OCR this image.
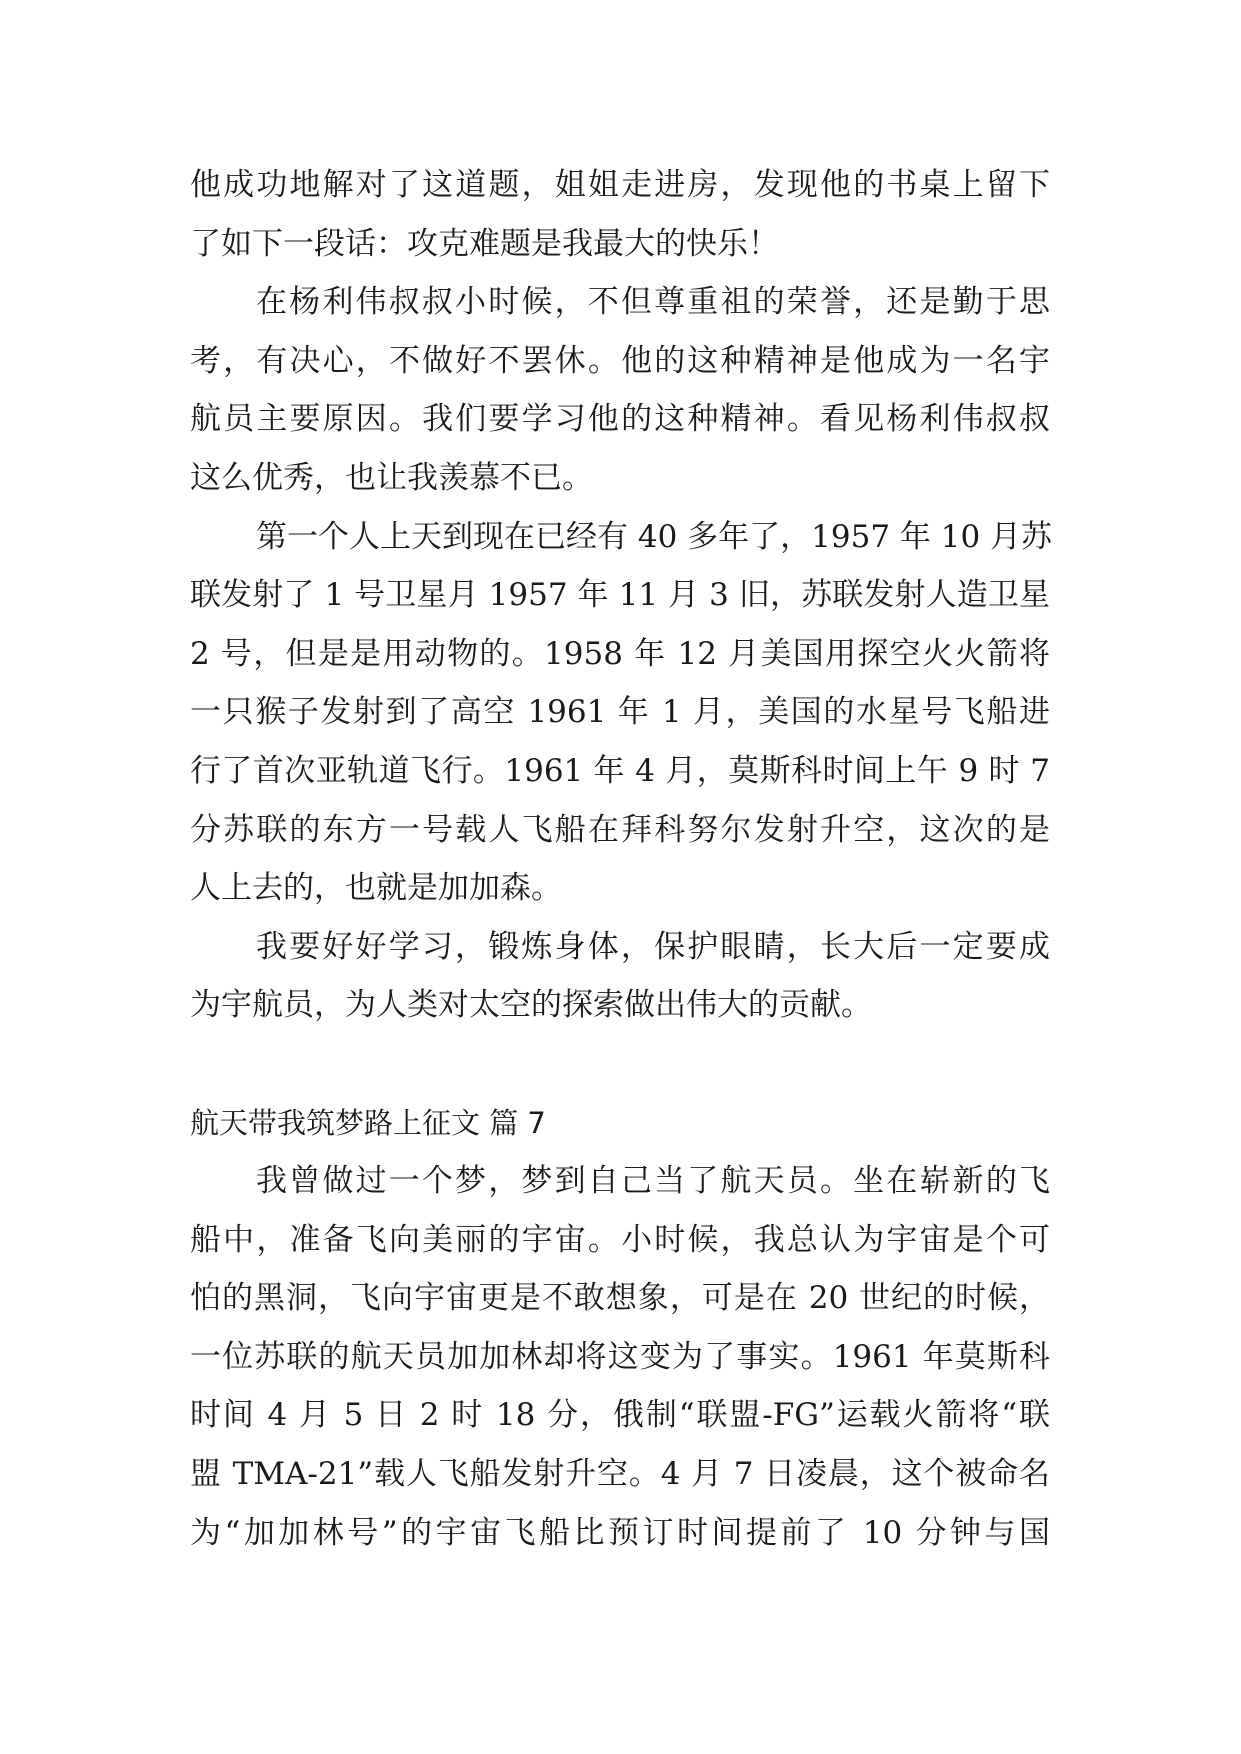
他成功地解对了这道题，姐姐走进房，发现他的书桌上留下
了如下一段话：攻克难题是我最大的快乐！
在杨利伟叔叔小时候，不但尊重祖的荣誉，还是勤于思
考，有决心，不做好不罢休。他的这种精神是他成为一名宇
航员主要原因。我们要学习他的这种精神。看见杨利伟叔叔
这么优秀，也让我羡慕不已。
第一个人上天到现在已经有 40 多年了，1957 年 10 月苏
联发射了 1 号卫星月 1957 年 11 月 3 旧，苏联发射人造卫星
2 号，但是是用动物的。1958 年 12 月美国用探空火火箭将
一只猴子发射到了高空 1961 年 1 月，美国的水星号飞船进
行了首次亚轨道飞行。1961 年 4 月，莫斯科时间上午 9 时 7
分苏联的东方一号载人飞船在拜科努尔发射升空，这次的是
人上去的，也就是加加森。
我要好好学习，锻炼身体，保护眼睛，长大后一定要成
为宇航员，为人类对太空的探索做出伟大的贡献。
航天带我筑梦路上征文 篇 7
我曾做过一个梦，梦到自己当了航天员。坐在崭新的飞
船中，准备飞向美丽的宇宙。小时候，我总认为宇宙是个可
怕的黑洞，飞向宇宙更是不敢想象，可是在 20 世纪的时候，
一位苏联的航天员加加林却将这变为了事实。1961 年莫斯科
时间 4 月 5 日 2 时 18 分，俄制“联盟-FG”运载火箭将“联
盟 TMA-21”载人飞船发射升空。4 月 7 日凌晨，这个被命名
为“加加林号”的宇宙飞船比预订时间提前了 10 分钟与国
